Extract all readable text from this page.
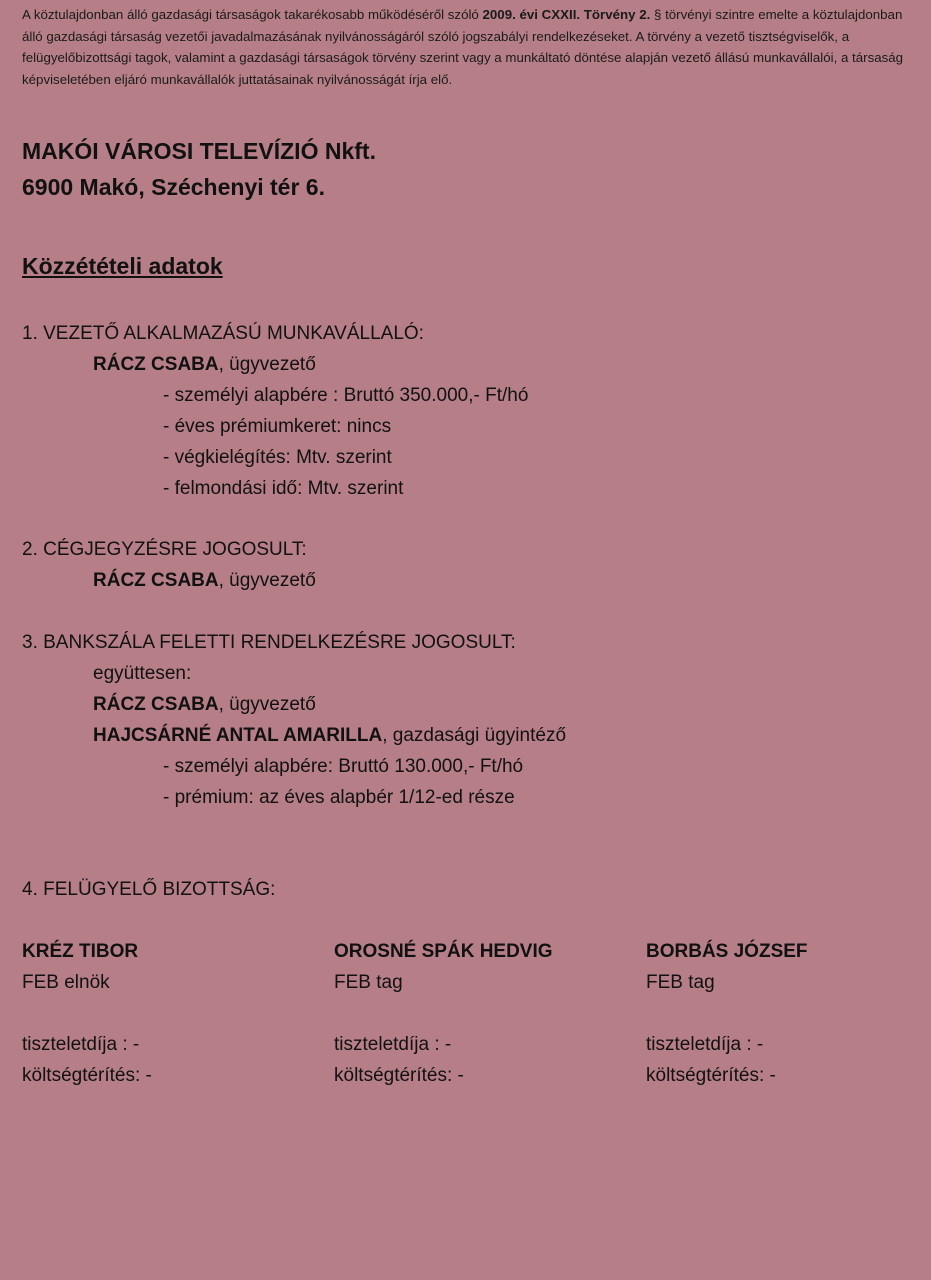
A köztulajdonban álló gazdasági társaságok takarékosabb működéséről szóló 2009. évi CXXII. Törvény 2. § törvényi szintre emelte a köztulajdonban álló gazdasági társaság vezetői javadalmazásának nyilvánosságáról szóló jogszabályi rendelkezéseket. A törvény a vezető tisztségviselők, a felügyelőbizottsági tagok, valamint a gazdasági társaságok törvény szerint vagy a munkáltató döntése alapján vezető állású munkavállalói, a társaság képviseletében eljáró munkavállalók juttatásainak nyilvánosságát írja elő.
MAKÓI VÁROSI TELEVÍZIÓ Nkft.
6900 Makó, Széchenyi tér 6.
Közzétételi adatok
1. VEZETŐ ALKALMAZÁSÚ MUNKAVÁLLALÓ:
RÁCZ CSABA, ügyvezető
- személyi alapbére : Bruttó 350.000,- Ft/hó
- éves prémiumkeret: nincs
- végkielégítés: Mtv. szerint
- felmondási idő: Mtv. szerint
2. CÉGJEGYZÉSRE JOGOSULT:
RÁCZ CSABA, ügyvezető
3. BANKSZÁLA FELETTI RENDELKEZÉSRE JOGOSULT:
együttesen:
RÁCZ CSABA, ügyvezető
HAJCSÁRNÉ ANTAL AMARILLA, gazdasági ügyintéző
- személyi alapbére: Bruttó 130.000,- Ft/hó
- prémium: az éves alapbér 1/12-ed része
4. FELÜGYELŐ BIZOTTSÁG:
KRÉZ TIBOR
FEB elnök
tiszteletdíja : -
költségtérítés: -
OROSNÉ SPÁK HEDVIG
FEB tag
tiszteletdíja : -
költségtérítés: -
BORBÁS JÓZSEF
FEB tag
tiszteletdíja : -
költségtérítés: -
